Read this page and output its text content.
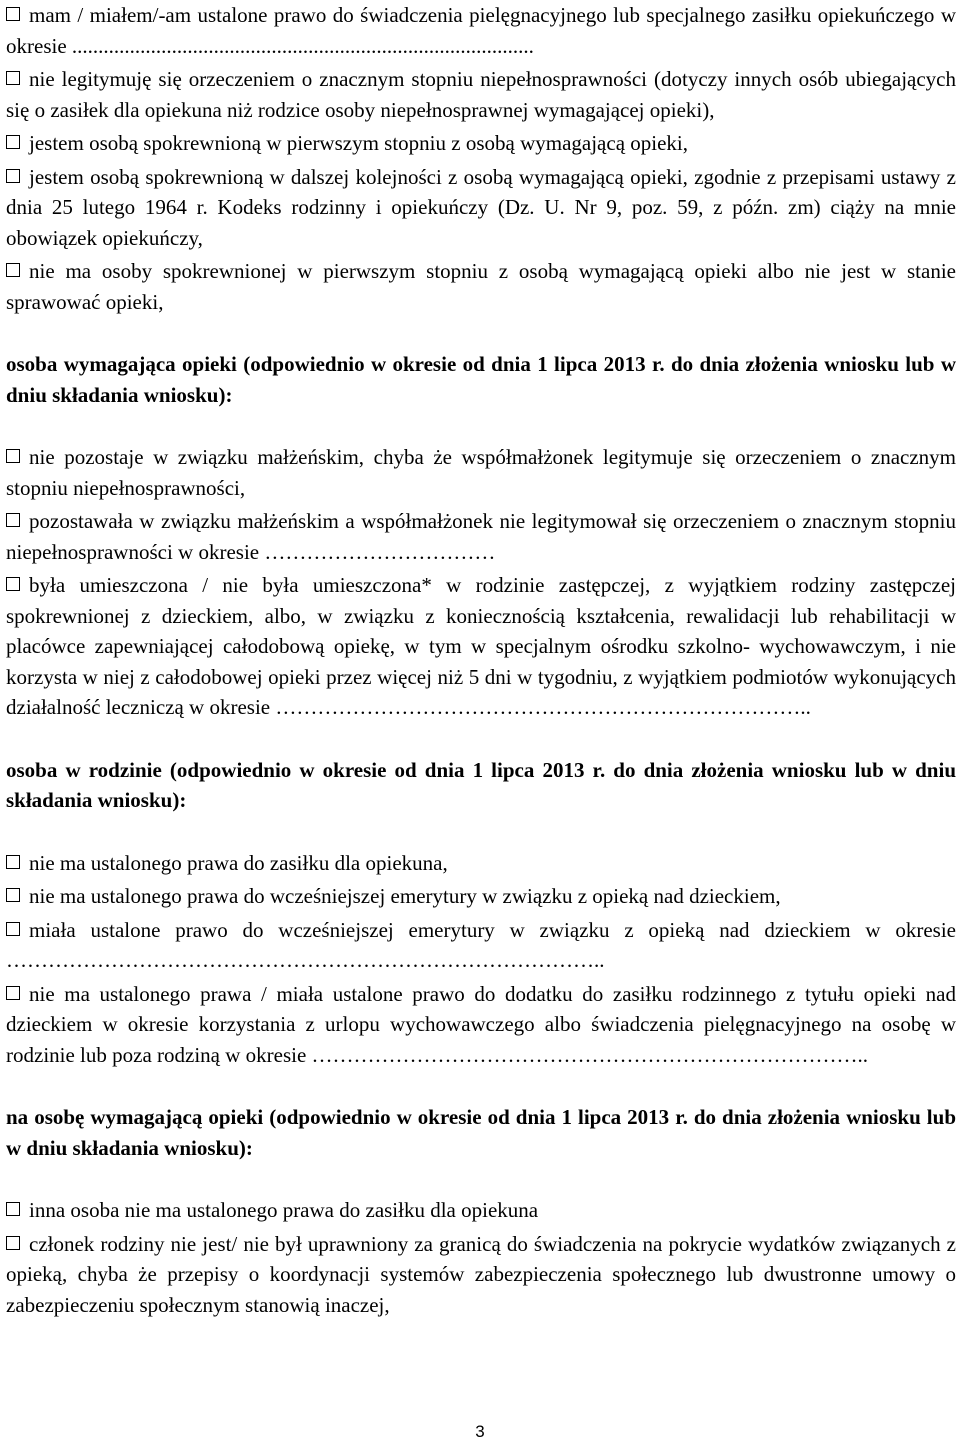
mam / miałem/-am ustalone prawo do świadczenia pielęgnacyjnego lub specjalnego zasiłku opiekuńczego w okresie ........................................................................................

nie legitymuję się orzeczeniem o znacznym stopniu niepełnosprawności (dotyczy innych osób ubiegających się o zasiłek dla opiekuna niż rodzice osoby niepełnosprawnej wymagającej opieki),

jestem osobą spokrewnioną w pierwszym stopniu z osobą wymagającą opieki,

jestem osobą spokrewnioną w dalszej kolejności z osobą wymagającą opieki, zgodnie z przepisami ustawy z dnia 25 lutego 1964 r. Kodeks rodzinny i opiekuńczy (Dz. U. Nr 9, poz. 59, z późn. zm) ciąży na mnie obowiązek opiekuńczy,

nie ma osoby spokrewnionej w pierwszym stopniu z osobą wymagającą opieki albo nie jest w stanie sprawować opieki,

osoba wymagająca opieki (odpowiednio w okresie od dnia 1 lipca 2013 r. do dnia złożenia wniosku lub w dniu składania wniosku):

nie pozostaje w związku małżeńskim, chyba że współmałżonek legitymuje się orzeczeniem o znacznym stopniu niepełnosprawności,

pozostawała w związku małżeńskim a współmałżonek nie legitymował się orzeczeniem o znacznym stopniu niepełnosprawności w okresie ……………………………

była umieszczona / nie była umieszczona* w rodzinie zastępczej, z wyjątkiem rodziny zastępczej spokrewnionej z dzieckiem, albo, w związku z koniecznością kształcenia, rewalidacji lub rehabilitacji w placówce zapewniającej całodobową opiekę, w tym w specjalnym ośrodku szkolno- wychowawczym, i nie korzysta w niej z całodobowej opieki przez więcej niż 5 dni w tygodniu, z wyjątkiem podmiotów wykonujących działalność leczniczą w okresie …………………………………………………………………..

osoba w rodzinie (odpowiednio w okresie od dnia 1 lipca 2013 r. do dnia złożenia wniosku lub w dniu składania wniosku):

nie ma ustalonego prawa do zasiłku dla opiekuna,

nie ma ustalonego prawa do wcześniejszej emerytury w związku z opieką nad dzieckiem,

miała ustalone prawo do wcześniejszej emerytury w związku z opieką nad dzieckiem w okresie …………………………………………………………………………..

nie ma ustalonego prawa / miała ustalone prawo do dodatku do zasiłku rodzinnego z tytułu opieki nad dzieckiem w okresie korzystania z urlopu wychowawczego albo świadczenia pielęgnacyjnego na osobę w rodzinie lub poza rodziną w okresie ……………………………………………………………………..

na osobę wymagającą opieki (odpowiednio w okresie od dnia 1 lipca 2013 r. do dnia złożenia wniosku lub w dniu składania wniosku):

inna osoba nie ma ustalonego prawa do zasiłku dla opiekuna

członek rodziny nie jest/ nie był uprawniony za granicą do świadczenia na pokrycie wydatków związanych z opieką, chyba że przepisy o koordynacji systemów zabezpieczenia społecznego lub dwustronne umowy o zabezpieczeniu społecznym stanowią inaczej,

3
